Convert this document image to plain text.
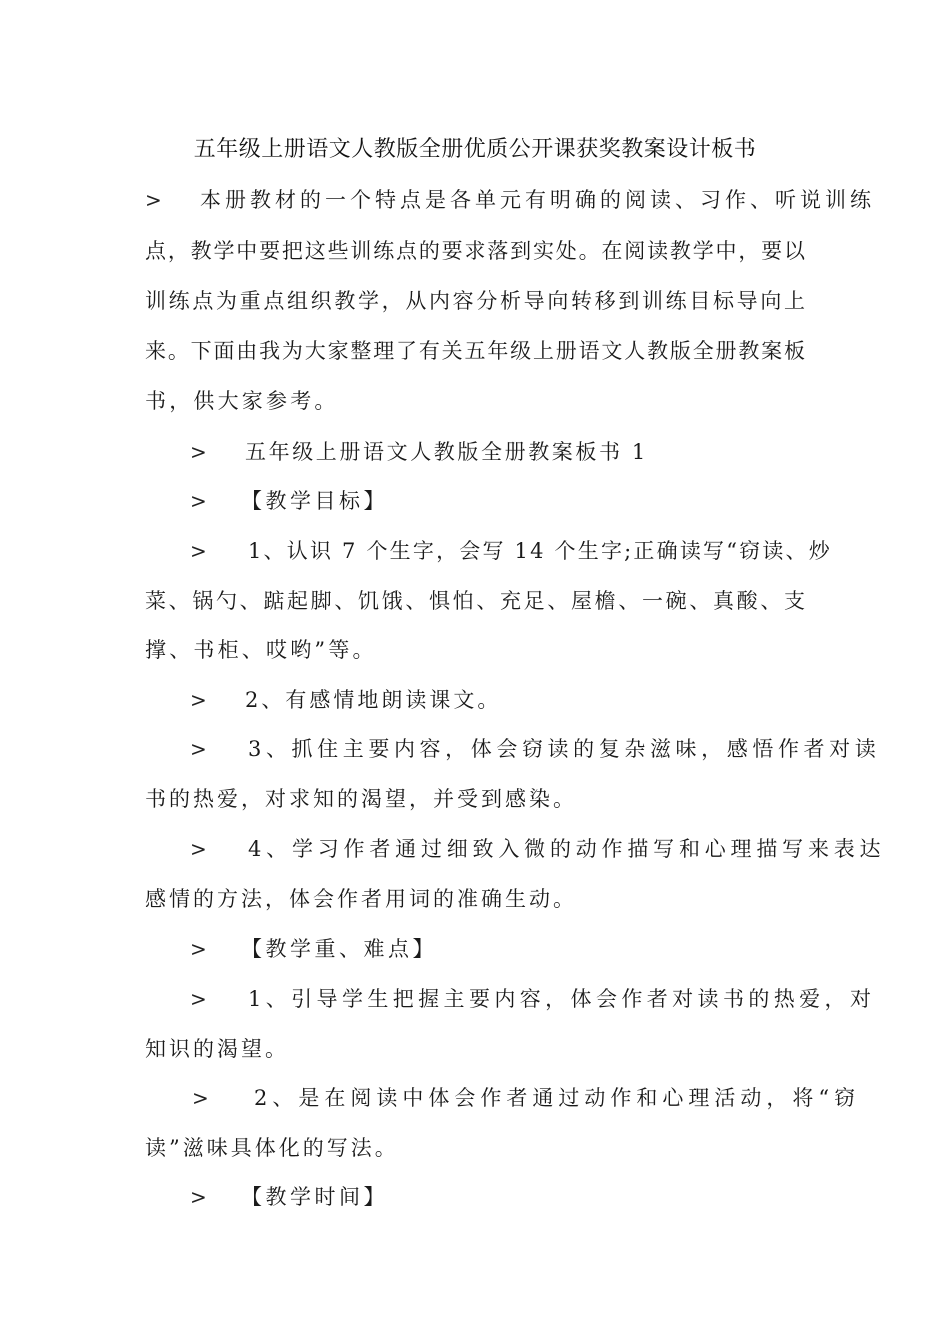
五年级上册语文人教版全册优质公开课获奖教案设计板书
> 本册教材的一个特点是各单元有明确的阅读、习作、听说训练
点，教学中要把这些训练点的要求落到实处。在阅读教学中，要以
训练点为重点组织教学，从内容分析导向转移到训练目标导向上
来。下面由我为大家整理了有关五年级上册语文人教版全册教案板
书，供大家参考。
> 五年级上册语文人教版全册教案板书 1
> 【教学目标】
> 1、认识 7 个生字，会写 14 个生字;正确读写“窃读、炒
菜、锅勺、踮起脚、饥饿、惧怕、充足、屋檐、一碗、真酸、支
撑、书柜、哎哟”等。
> 2、有感情地朗读课文。
> 3、抓住主要内容，体会窃读的复杂滋味，感悟作者对读
书的热爱，对求知的渴望，并受到感染。
> 4、学习作者通过细致入微的动作描写和心理描写来表达
感情的方法，体会作者用词的准确生动。
> 【教学重、难点】
> 1、引导学生把握主要内容，体会作者对读书的热爱，对
知识的渴望。
> 2、是在阅读中体会作者通过动作和心理活动，将“窃
读”滋味具体化的写法。
> 【教学时间】
